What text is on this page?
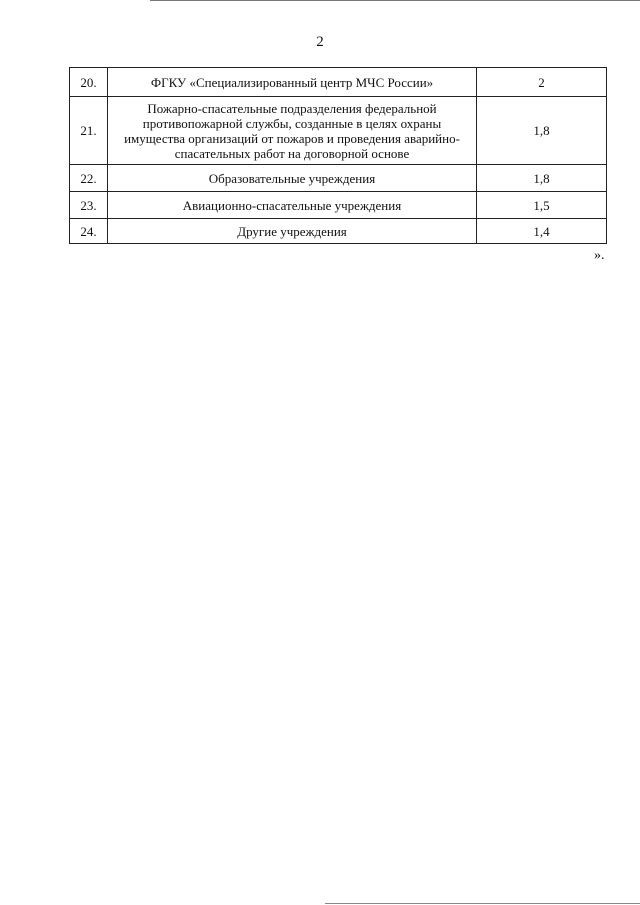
2
20.	ФГКУ «Специализированный центр МЧС России»	2
21.	Пожарно-спасательные подразделения федеральной противопожарной службы, созданные в целях охраны имущества организаций от пожаров и проведения аварийно-спасательных работ на договорной основе	1,8
22.	Образовательные учреждения	1,8
23.	Авиационно-спасательные учреждения	1,5
24.	Другие учреждения	1,4
».
